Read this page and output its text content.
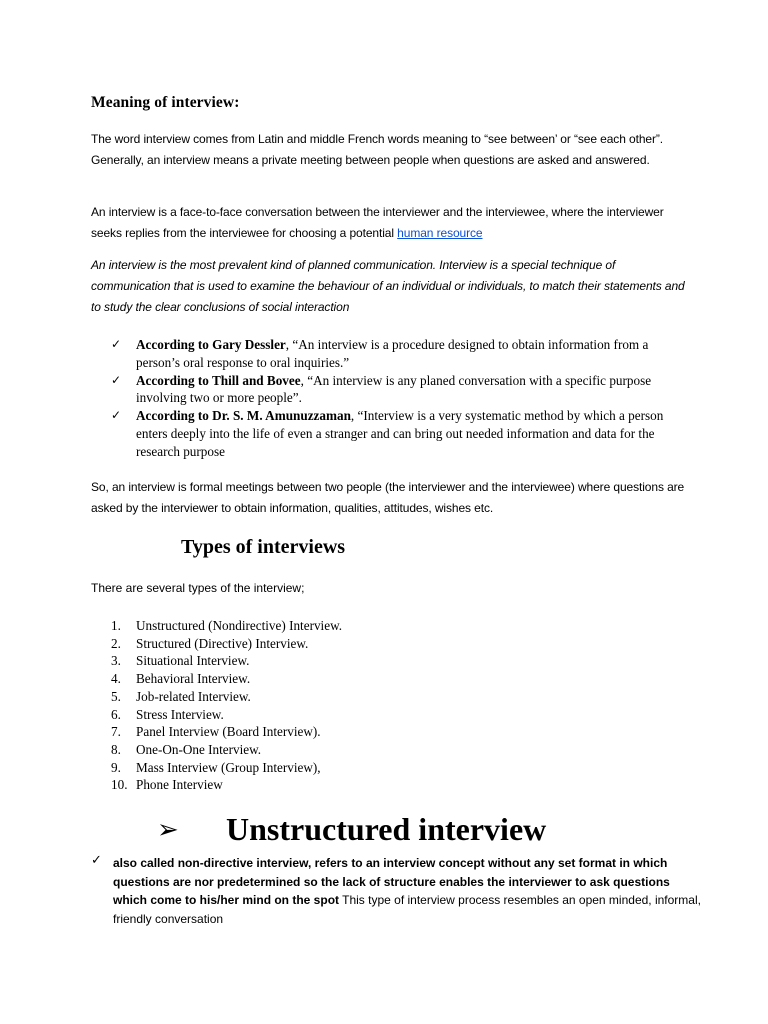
Meaning of interview:
The word interview comes from Latin and middle French words meaning to “see between’ or “see each other”. Generally, an interview means a private meeting between people when questions are asked and answered.
An interview is a face-to-face conversation between the interviewer and the interviewee, where the interviewer seeks replies from the interviewee for choosing a potential human resource
An interview is the most prevalent kind of planned communication. Interview is a special technique of communication that is used to examine the behaviour of an individual or individuals, to match their statements and to study the clear conclusions of social interaction
✓ According to Gary Dessler, “An interview is a procedure designed to obtain information from a person’s oral response to oral inquiries.”
✓ According to Thill and Bovee, “An interview is any planed conversation with a specific purpose involving two or more people”.
✓ According to Dr. S. M. Amunuzzaman, “Interview is a very systematic method by which a person enters deeply into the life of even a stranger and can bring out needed information and data for the research purpose
So, an interview is formal meetings between two people (the interviewer and the interviewee) where questions are asked by the interviewer to obtain information, qualities, attitudes, wishes etc.
Types of interviews
There are several types of the interview;
1.	Unstructured (Nondirective) Interview.
2.	Structured (Directive) Interview.
3.	Situational Interview.
4.	Behavioral Interview.
5.	Job-related Interview.
6.	Stress Interview.
7.	Panel Interview (Board Interview).
8.	One-On-One Interview.
9.	Mass Interview (Group Interview),
10. Phone Interview
➢ Unstructured interview
✓ also called non-directive interview, refers to an interview concept without any set format in which questions are nor predetermined so the lack of structure enables the interviewer to ask questions which come to his/her mind on the spot This type of interview process resembles an open minded, informal, friendly conversation
